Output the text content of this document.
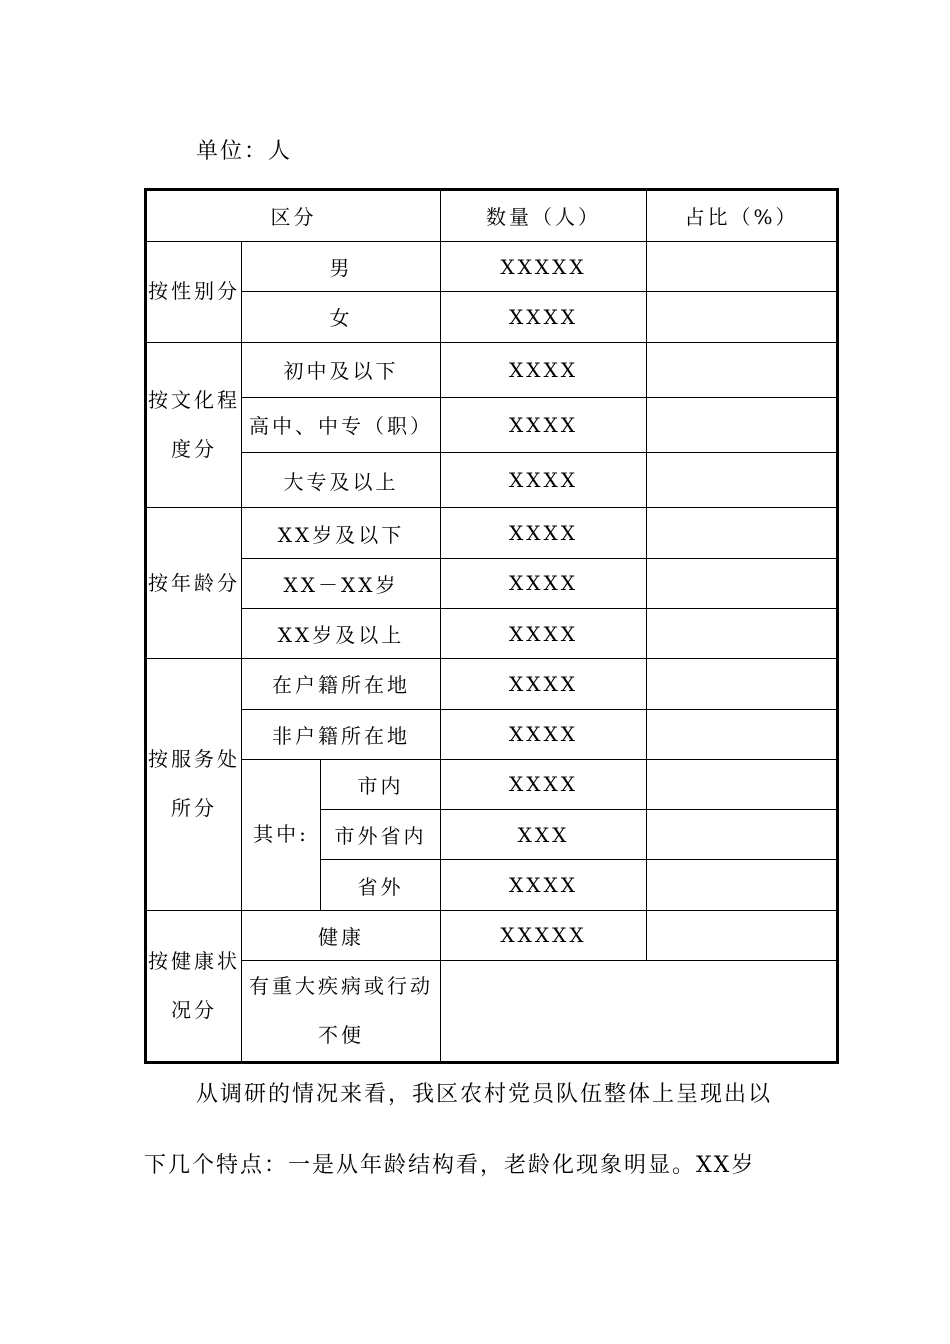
单位：人
区分			数量（人）	占比（%）
按性别分	男		XXXXX	
	女		XXXX	
按文化程度分	初中及以下		XXXX	
	高中、中专（职）		XXXX	
	大专及以上		XXXX	
按年龄分	XX岁及以下		XXXX	
	XX－XX岁		XXXX	
	XX岁及以上		XXXX	
按服务处所分	在户籍所在地		XXXX	
	非户籍所在地		XXXX	
	其中:	市内	XXXX	
		市外省内	XXX	
		省外	XXXX	
按健康状况分	健康		XXXXX	
	有重大疾病或行动不便			
从调研的情况来看，我区农村党员队伍整体上呈现出以
下几个特点：一是从年龄结构看，老龄化现象明显。XX岁
